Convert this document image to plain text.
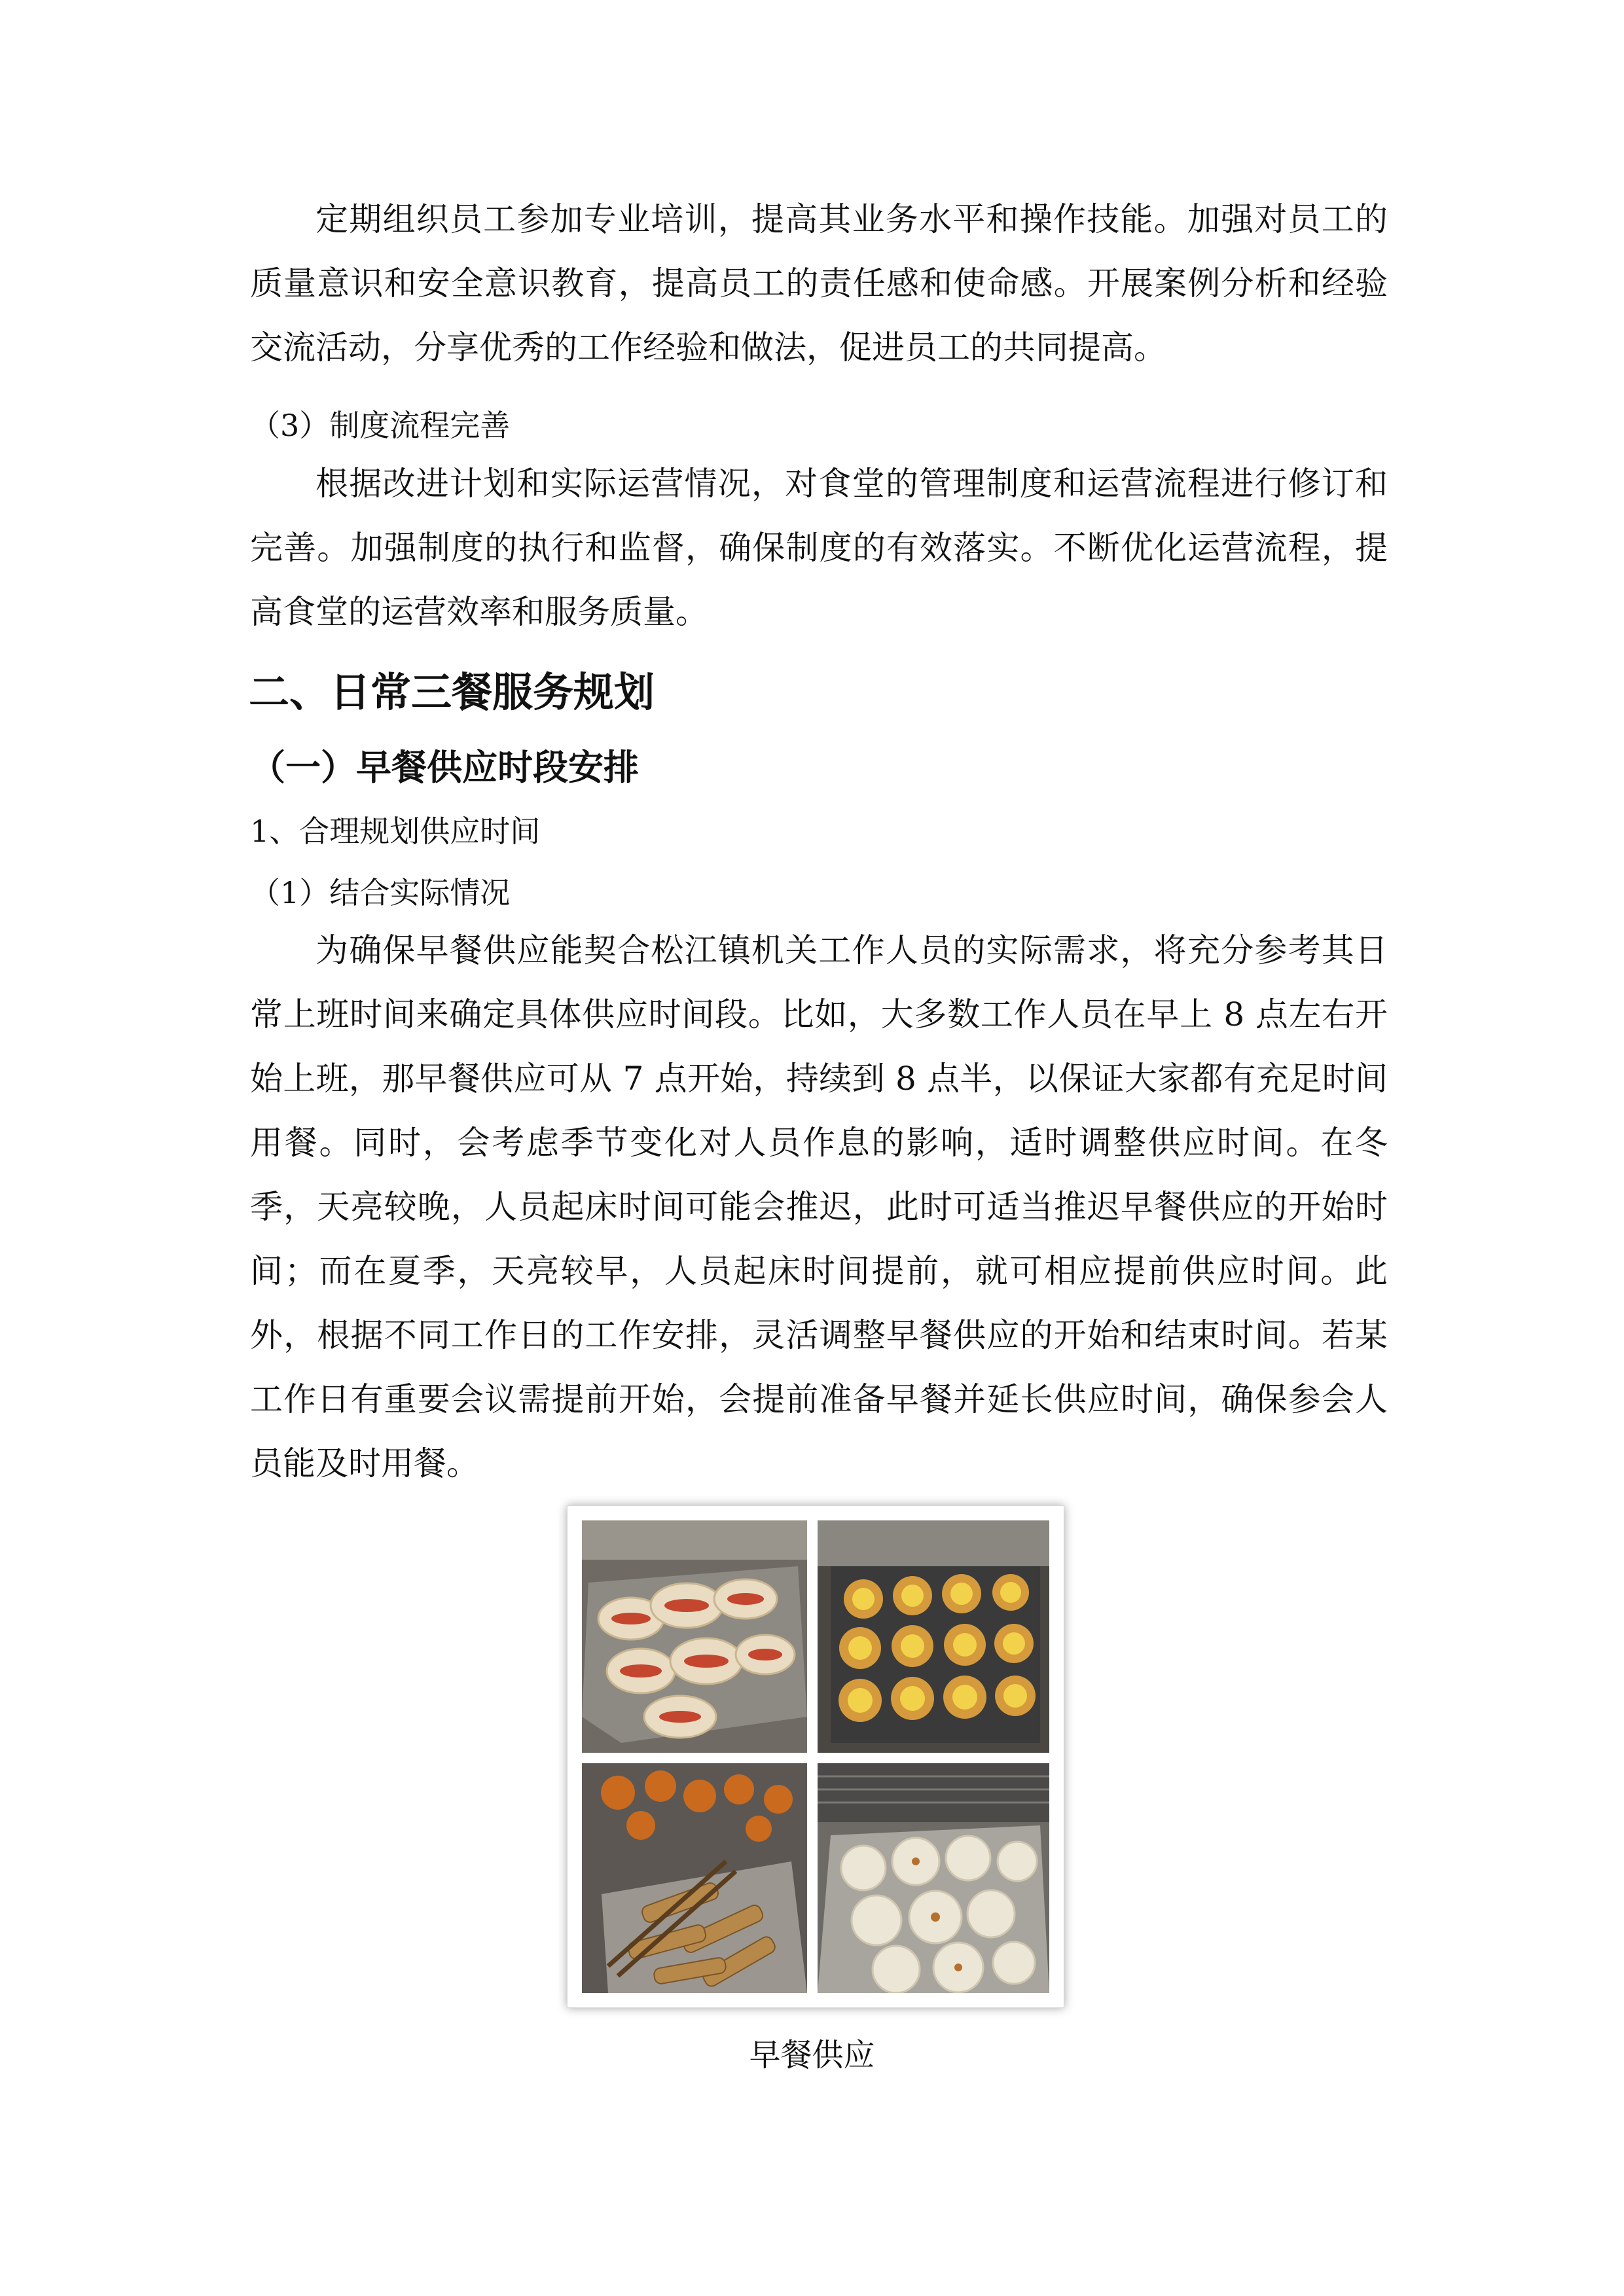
定期组织员工参加专业培训，提高其业务水平和操作技能。加强对员工的质量意识和安全意识教育，提高员工的责任感和使命感。开展案例分析和经验交流活动，分享优秀的工作经验和做法，促进员工的共同提高。

（3）制度流程完善

根据改进计划和实际运营情况，对食堂的管理制度和运营流程进行修订和完善。加强制度的执行和监督，确保制度的有效落实。不断优化运营流程，提高食堂的运营效率和服务质量。

二、日常三餐服务规划
（一）早餐供应时段安排

1、合理规划供应时间

（1）结合实际情况

为确保早餐供应能契合松江镇机关工作人员的实际需求，将充分参考其日常上班时间来确定具体供应时间段。比如，大多数工作人员在早上 8 点左右开始上班，那早餐供应可从 7 点开始，持续到 8 点半，以保证大家都有充足时间用餐。同时，会考虑季节变化对人员作息的影响，适时调整供应时间。在冬季，天亮较晚，人员起床时间可能会推迟，此时可适当推迟早餐供应的开始时间；而在夏季，天亮较早，人员起床时间提前，就可相应提前供应时间。此外，根据不同工作日的工作安排，灵活调整早餐供应的开始和结束时间。若某工作日有重要会议需提前开始，会提前准备早餐并延长供应时间，确保参会人员能及时用餐。

早餐供应
